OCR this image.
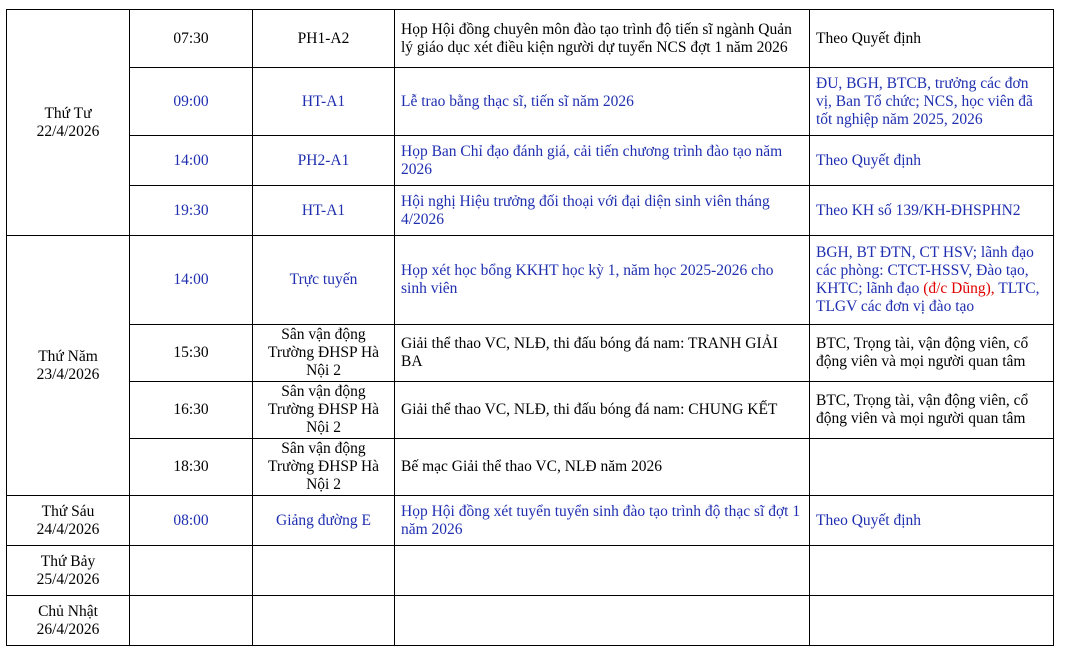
Thứ Tư
22/4/2026	07:30	PH1-A2	Họp Hội đồng chuyên môn đào tạo trình độ tiến sĩ ngành Quản lý giáo dục xét điều kiện người dự tuyển NCS đợt 1 năm 2026	Theo Quyết định
	09:00	HT-A1	Lễ trao bằng thạc sĩ, tiến sĩ năm 2026	ĐU, BGH, BTCB, trưởng các đơn vị, Ban Tổ chức; NCS, học viên đã tốt nghiệp năm 2025, 2026
	14:00	PH2-A1	Họp Ban Chỉ đạo đánh giá, cải tiến chương trình đào tạo năm 2026	Theo Quyết định
	19:30	HT-A1	Hội nghị Hiệu trưởng đối thoại với đại diện sinh viên tháng 4/2026	Theo KH số 139/KH-ĐHSPHN2

Thứ Năm
23/4/2026	14:00	Trực tuyến	Họp xét học bổng KKHT học kỳ 1, năm học 2025-2026 cho sinh viên	BGH, BT ĐTN, CT HSV; lãnh đạo các phòng: CTCT-HSSV, Đào tạo, KHTC; lãnh đạo (đ/c Dũng), TLTC, TLGV các đơn vị đào tạo
	15:30	Sân vận động Trường ĐHSP Hà Nội 2	Giải thể thao VC, NLĐ, thi đấu bóng đá nam: TRANH GIẢI BA	BTC, Trọng tài, vận động viên, cổ động viên và mọi người quan tâm
	16:30	Sân vận động Trường ĐHSP Hà Nội 2	Giải thể thao VC, NLĐ, thi đấu bóng đá nam: CHUNG KẾT	BTC, Trọng tài, vận động viên, cổ động viên và mọi người quan tâm
	18:30	Sân vận động Trường ĐHSP Hà Nội 2	Bế mạc Giải thể thao VC, NLĐ năm 2026	

Thứ Sáu
24/4/2026	08:00	Giảng đường E	Họp Hội đồng xét tuyển tuyển sinh đào tạo trình độ thạc sĩ đợt 1 năm 2026	Theo Quyết định

Thứ Bảy
25/4/2026				

Chủ Nhật
26/4/2026				
